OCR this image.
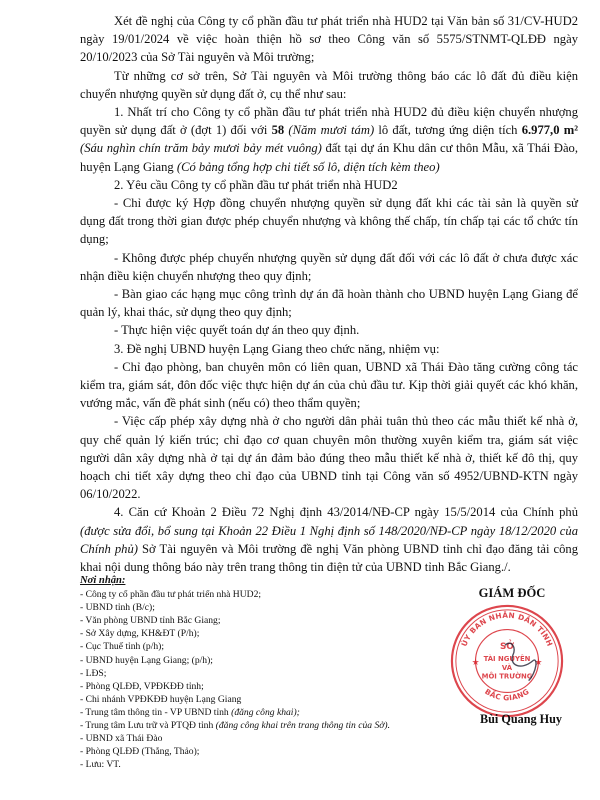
Xét đề nghị của Công ty cổ phần đầu tư phát triển nhà HUD2 tại Văn bản số 31/CV-HUD2 ngày 19/01/2024 về việc hoàn thiện hồ sơ theo Công văn số 5575/STNMT-QLĐĐ ngày 20/10/2023 của Sở Tài nguyên và Môi trường;

Từ những cơ sở trên, Sở Tài nguyên và Môi trường thông báo các lô đất đủ điều kiện chuyển nhượng quyền sử dụng đất ở, cụ thể như sau:

1. Nhất trí cho Công ty cổ phần đầu tư phát triển nhà HUD2 đủ điều kiện chuyển nhượng quyền sử dụng đất ở (đợt 1) đối với 58 (Năm mươi tám) lô đất, tương ứng diện tích 6.977,0 m² (Sáu nghìn chín trăm bảy mươi bảy mét vuông) đất tại dự án Khu dân cư thôn Mẫu, xã Thái Đào, huyện Lạng Giang (Có bảng tổng hợp chi tiết số lô, diện tích kèm theo)

2. Yêu cầu Công ty cổ phần đầu tư phát triển nhà HUD2

- Chỉ được ký Hợp đồng chuyển nhượng quyền sử dụng đất khi các tài sản là quyền sử dụng đất trong thời gian được phép chuyển nhượng và không thế chấp, tín chấp tại các tổ chức tín dụng;

- Không được phép chuyển nhượng quyền sử dụng đất đối với các lô đất ở chưa được xác nhận điều kiện chuyển nhượng theo quy định;

- Bàn giao các hạng mục công trình dự án đã hoàn thành cho UBND huyện Lạng Giang để quản lý, khai thác, sử dụng theo quy định;

- Thực hiện việc quyết toán dự án theo quy định.

3. Đề nghị UBND huyện Lạng Giang theo chức năng, nhiệm vụ:

- Chỉ đạo phòng, ban chuyên môn có liên quan, UBND xã Thái Đào tăng cường công tác kiểm tra, giám sát, đôn đốc việc thực hiện dự án của chủ đầu tư. Kịp thời giải quyết các khó khăn, vướng mắc, vấn đề phát sinh (nếu có) theo thẩm quyền;

- Việc cấp phép xây dựng nhà ở cho người dân phải tuân thủ theo các mẫu thiết kế nhà ở, quy chế quản lý kiến trúc; chỉ đạo cơ quan chuyên môn thường xuyên kiểm tra, giám sát việc người dân xây dựng nhà ở tại dự án đảm bảo đúng theo mẫu thiết kế nhà ở, thiết kế đô thị, quy hoạch chi tiết xây dựng theo chỉ đạo của UBND tỉnh tại Công văn số 4952/UBND-KTN ngày 06/10/2022.

4. Căn cứ Khoản 2 Điều 72 Nghị định 43/2014/NĐ-CP ngày 15/5/2014 của Chính phủ (được sửa đổi, bổ sung tại Khoản 22 Điều 1 Nghị định số 148/2020/NĐ-CP ngày 18/12/2020 của Chính phủ) Sở Tài nguyên và Môi trường đề nghị Văn phòng UBND tỉnh chỉ đạo đăng tải công khai nội dung thông báo này trên trang thông tin điện tử của UBND tỉnh Bắc Giang./.

Nơi nhận:
- Công ty cổ phần đầu tư phát triển nhà HUD2;
- UBND tỉnh (B/c);
- Văn phòng UBND tỉnh Bắc Giang;
- Sở Xây dựng, KH&ĐT (P/h);
- Cục Thuế tỉnh (p/h);
- UBND huyện Lạng Giang; (p/h);
- LĐS;
- Phòng QLĐĐ, VPĐKĐĐ tỉnh;
- Chi nhánh VPĐKĐĐ huyện Lạng Giang
- Trung tâm thông tin - VP UBND tỉnh (đăng công khai);
- Trung tâm Lưu trữ và PTQĐ tỉnh (đăng công khai trên trang thông tin của Sở).
- UBND xã Thái Đào
- Phòng QLĐĐ (Thắng, Thảo);
- Lưu: VT.
GIÁM ĐỐC
ỦY BAN NHÂN DÂN TỈNH
BẮC GIANG
SỞ
TÀI NGUYÊN
VÀ
MÔI TRƯỜNG
★	★
Bùi Quang Huy
